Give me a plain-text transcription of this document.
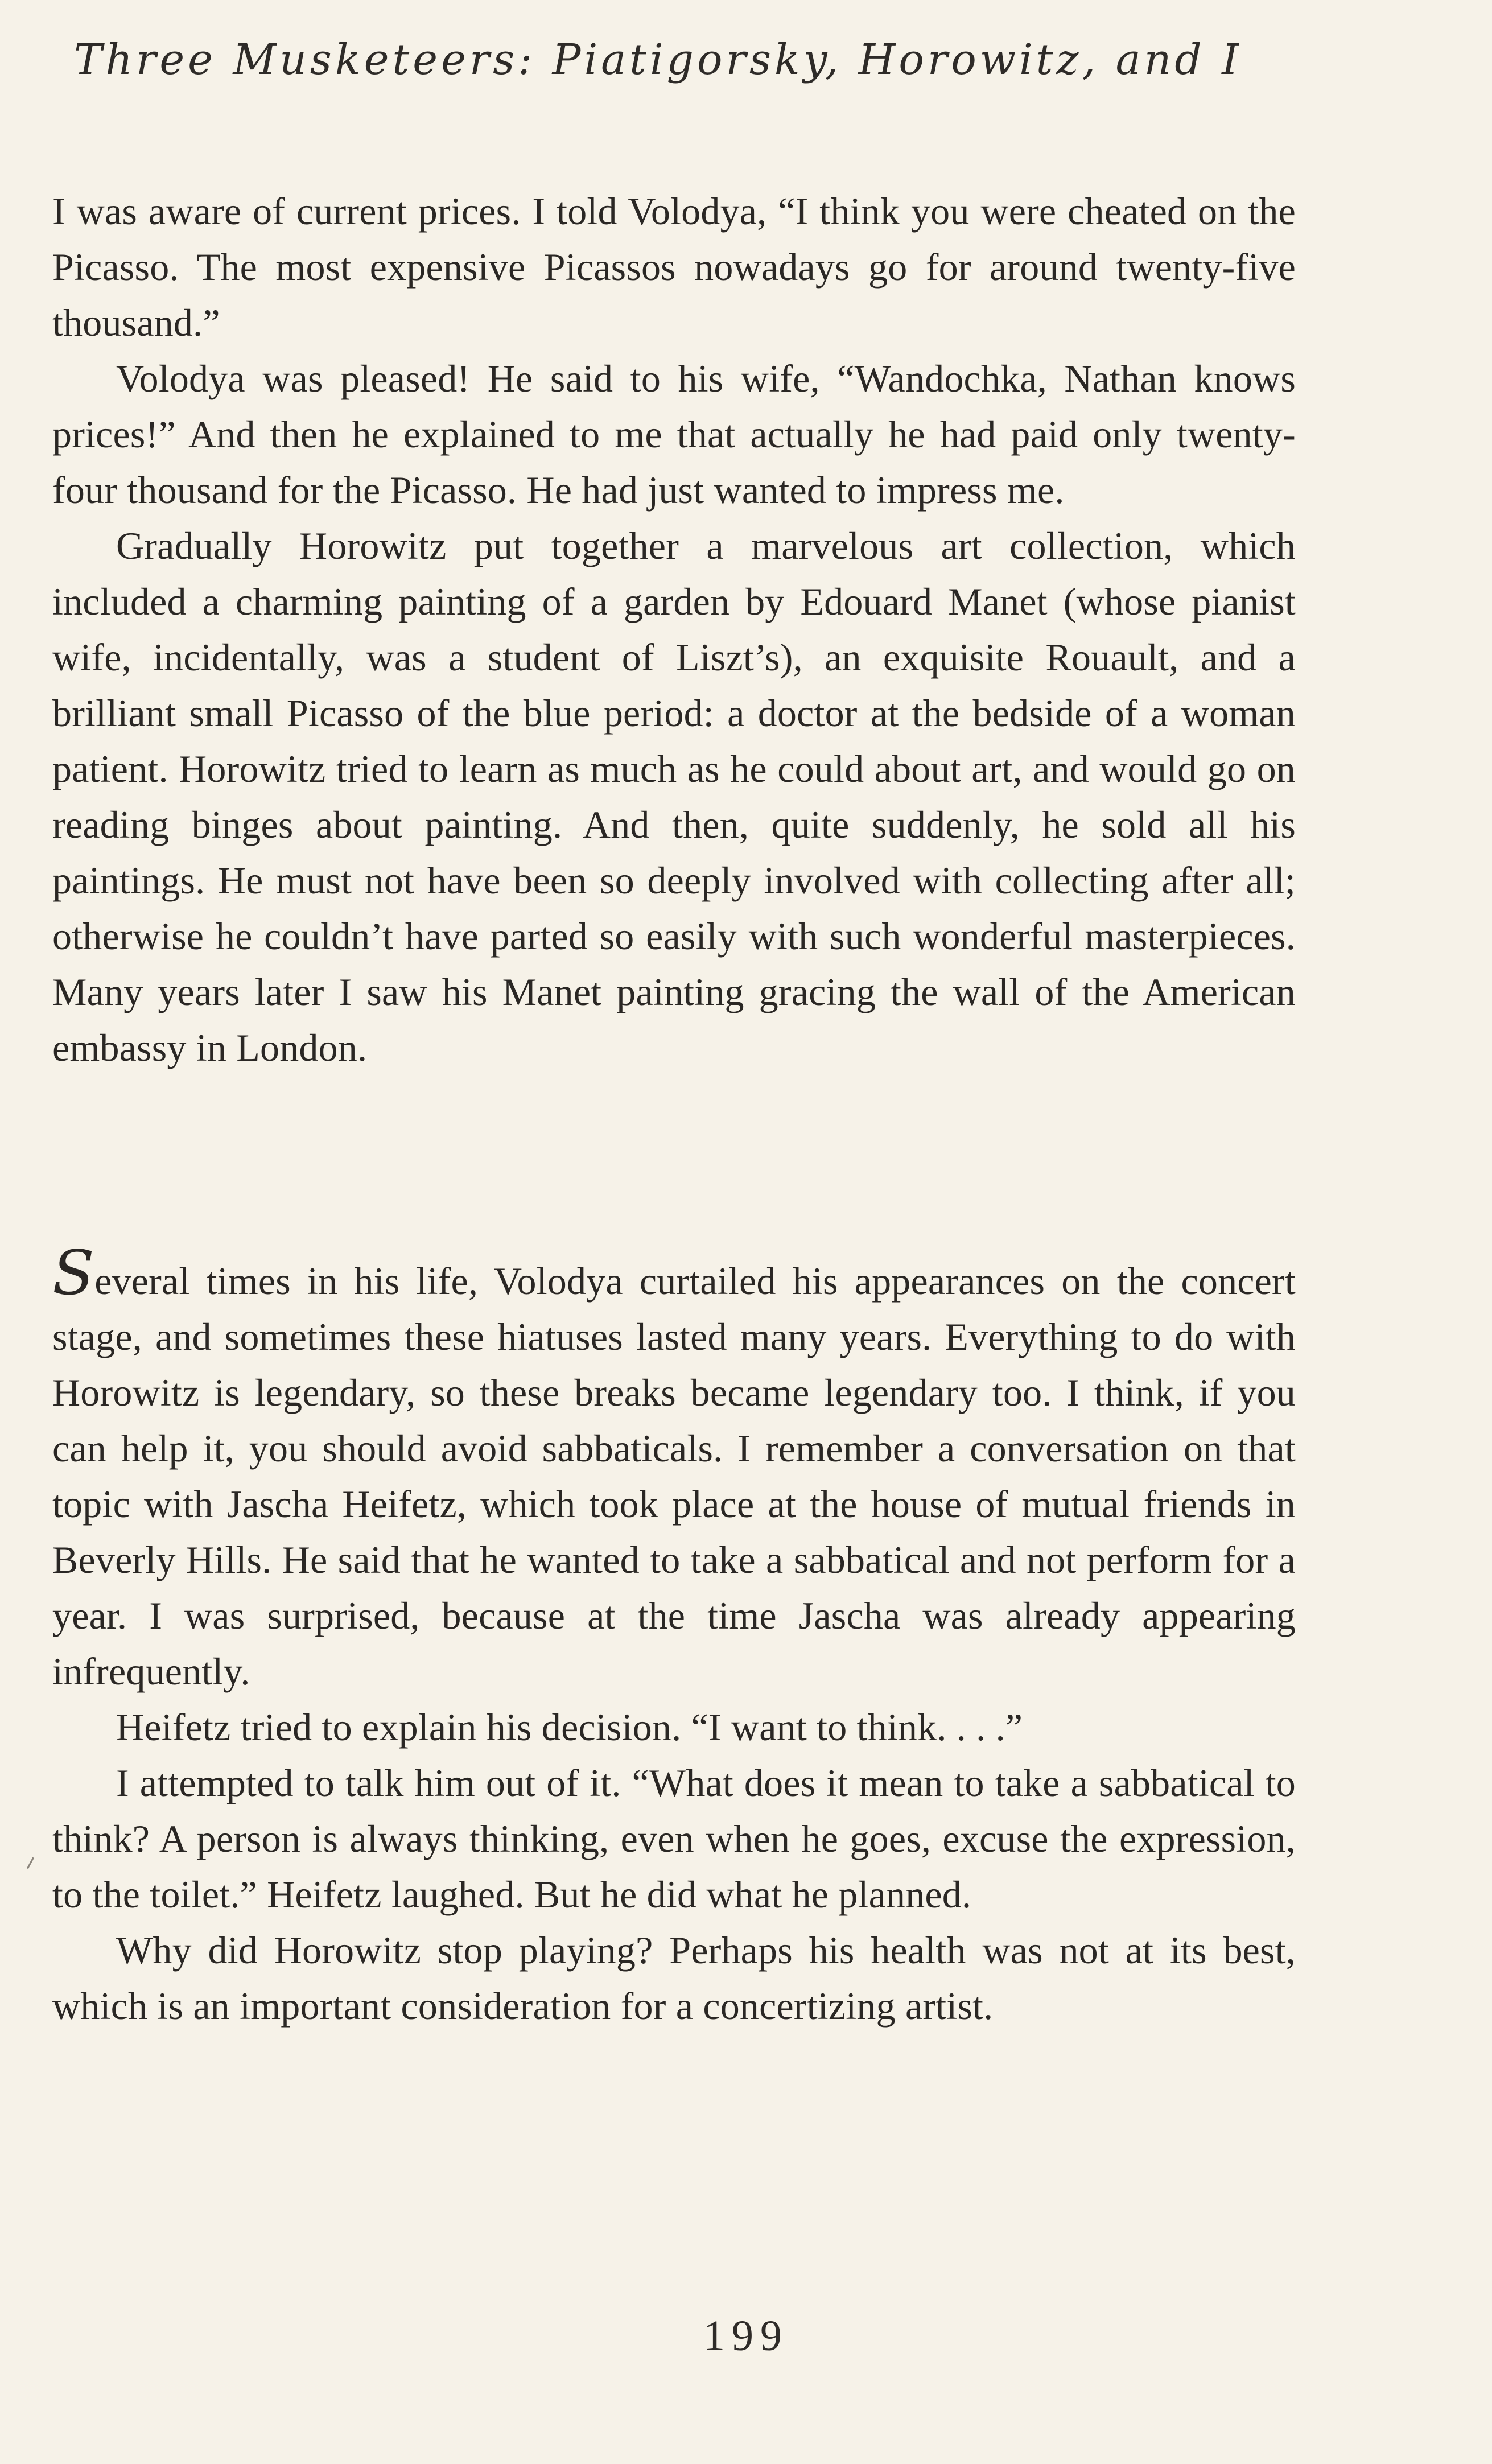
Three Musketeers: Piatigorsky, Horowitz, and I

I was aware of current prices. I told Volodya, “I think you were cheated on the Picasso. The most expensive Picassos nowadays go for around twenty-five thousand.”

Volodya was pleased! He said to his wife, “Wandochka, Nathan knows prices!” And then he explained to me that actually he had paid only twenty-four thousand for the Picasso. He had just wanted to impress me.

Gradually Horowitz put together a marvelous art collection, which included a charming painting of a garden by Edouard Manet (whose pianist wife, incidentally, was a student of Liszt’s), an exquisite Rouault, and a brilliant small Picasso of the blue period: a doctor at the bedside of a woman patient. Horowitz tried to learn as much as he could about art, and would go on reading binges about painting. And then, quite suddenly, he sold all his paintings. He must not have been so deeply involved with collecting after all; otherwise he couldn’t have parted so easily with such wonderful masterpieces. Many years later I saw his Manet painting gracing the wall of the American embassy in London.

Several times in his life, Volodya curtailed his appearances on the concert stage, and sometimes these hiatuses lasted many years. Everything to do with Horowitz is legendary, so these breaks became legendary too. I think, if you can help it, you should avoid sabbaticals. I remember a conversation on that topic with Jascha Heifetz, which took place at the house of mutual friends in Beverly Hills. He said that he wanted to take a sabbatical and not perform for a year. I was surprised, because at the time Jascha was already appearing infrequently.

Heifetz tried to explain his decision. “I want to think. . . .”

I attempted to talk him out of it. “What does it mean to take a sabbatical to think? A person is always thinking, even when he goes, excuse the expression, to the toilet.” Heifetz laughed. But he did what he planned.

Why did Horowitz stop playing? Perhaps his health was not at its best, which is an important consideration for a concertizing artist.

199
